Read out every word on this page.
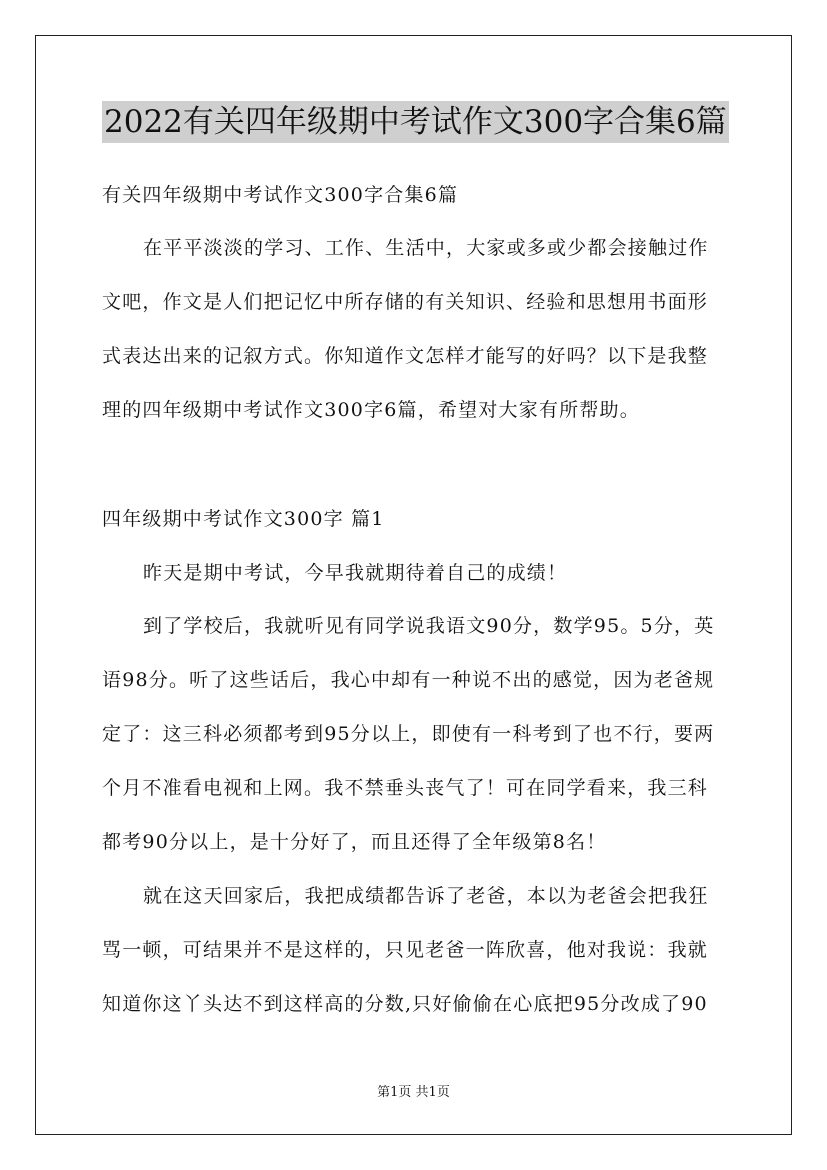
2022有关四年级期中考试作文300字合集6篇
有关四年级期中考试作文300字合集6篇
在平平淡淡的学习、工作、生活中，大家或多或少都会接触过作
文吧，作文是人们把记忆中所存储的有关知识、经验和思想用书面形
式表达出来的记叙方式。你知道作文怎样才能写的好吗？以下是我整
理的四年级期中考试作文300字6篇，希望对大家有所帮助。
四年级期中考试作文300字 篇1
昨天是期中考试，今早我就期待着自己的成绩！
到了学校后，我就听见有同学说我语文90分，数学95。5分，英
语98分。听了这些话后，我心中却有一种说不出的感觉，因为老爸规
定了：这三科必须都考到95分以上，即使有一科考到了也不行，要两
个月不准看电视和上网。我不禁垂头丧气了！可在同学看来，我三科
都考90分以上，是十分好了，而且还得了全年级第8名！
就在这天回家后，我把成绩都告诉了老爸，本以为老爸会把我狂
骂一顿，可结果并不是这样的，只见老爸一阵欣喜，他对我说：我就
知道你这丫头达不到这样高的分数,只好偷偷在心底把95分改成了90
第1页 共1页
